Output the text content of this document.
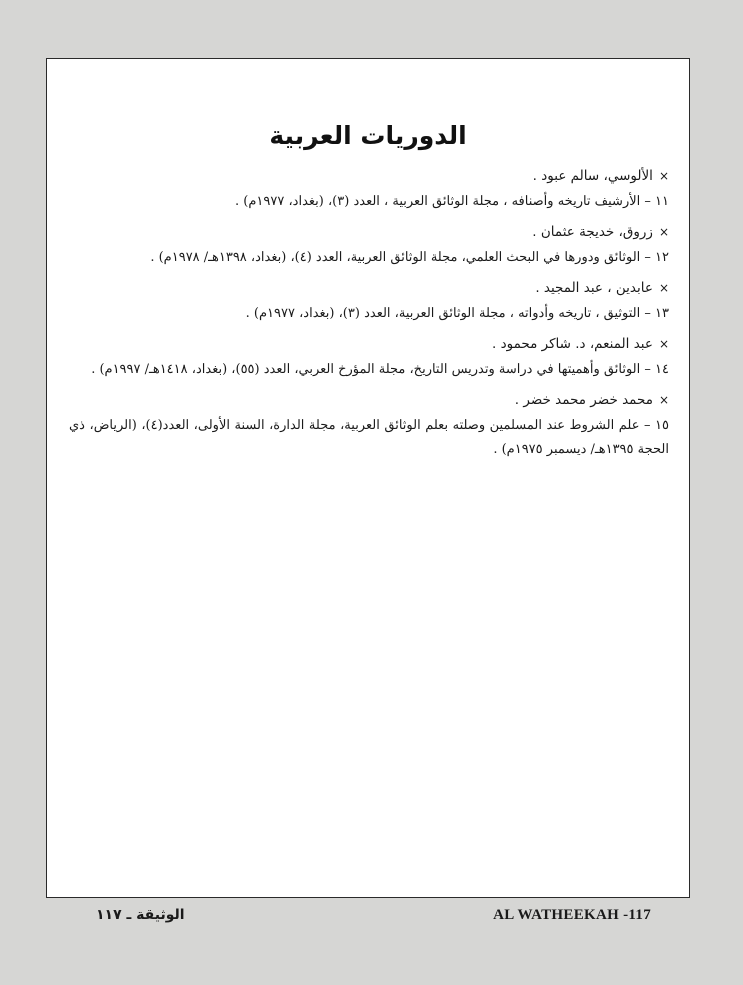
الدوريات العربية

×الألوسي، سالم عبود .

١١ – الأرشيف تاريخه وأصنافه ، مجلة الوثائق العربية ، العدد (٣)، (بغداد، ١٩٧٧م) .

×زروق، خديجة عثمان .

١٢ – الوثائق ودورها في البحث العلمي، مجلة الوثائق العربية، العدد (٤)، (بغداد، ١٣٩٨هـ/ ١٩٧٨م) .

×عابدين ، عبد المجيد .

١٣ – التوثيق ، تاريخه وأدواته ، مجلة الوثائق العربية، العدد (٣)، (بغداد، ١٩٧٧م) .

×عبد المنعم، د. شاكر محمود .

١٤ – الوثائق وأهميتها في دراسة وتدريس التاريخ، مجلة المؤرخ العربي، العدد (٥٥)، (بغداد، ١٤١٨هـ/ ١٩٩٧م) .

×محمد خضر محمد خضر .

١٥ – علم الشروط عند المسلمين وصلته بعلم الوثائق العربية، مجلة الدارة، السنة الأولى، العدد(٤)، (الرياض، ذي الحجة ١٣٩٥هـ/ ديسمبر ١٩٧٥م) .

الوثيقة ـ ١١٧	AL WATHEEKAH -117
